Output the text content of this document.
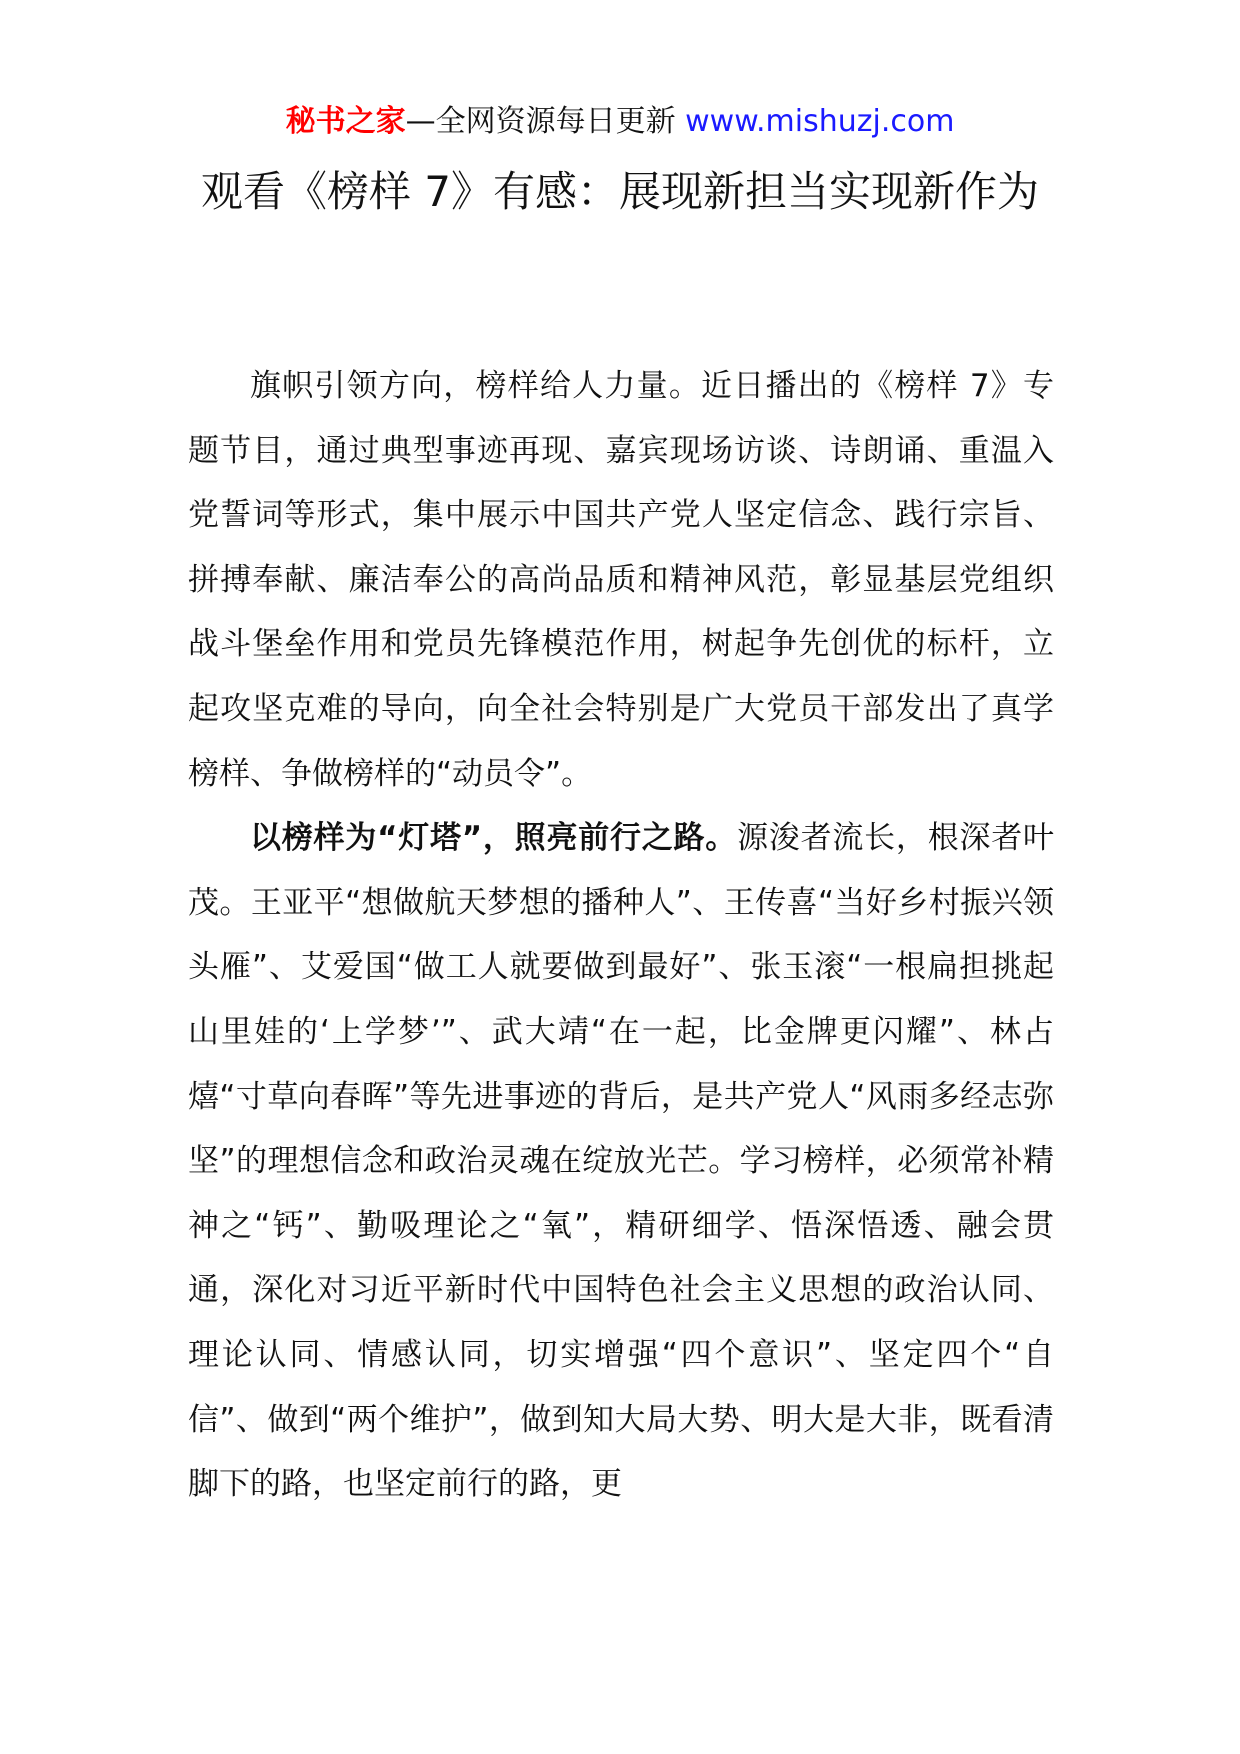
秘书之家—全网资源每日更新 www.mishuzj.com
观看《榜样 7》有感：展现新担当实现新作为

旗帜引领方向，榜样给人力量。近日播出的《榜样 7》专题节目，通过典型事迹再现、嘉宾现场访谈、诗朗诵、重温入党誓词等形式，集中展示中国共产党人坚定信念、践行宗旨、拼搏奉献、廉洁奉公的高尚品质和精神风范，彰显基层党组织战斗堡垒作用和党员先锋模范作用，树起争先创优的标杆，立起攻坚克难的导向，向全社会特别是广大党员干部发出了真学榜样、争做榜样的“动员令”。

以榜样为“灯塔”，照亮前行之路。源浚者流长，根深者叶茂。王亚平“想做航天梦想的播种人”、王传喜“当好乡村振兴领头雁”、艾爱国“做工人就要做到最好”、张玉滚“一根扁担挑起山里娃的‘上学梦’”、武大靖“在一起，比金牌更闪耀”、林占熺“寸草向春晖”等先进事迹的背后，是共产党人“风雨多经志弥坚”的理想信念和政治灵魂在绽放光芒。学习榜样，必须常补精神之“钙”、勤吸理论之“氧”，精研细学、悟深悟透、融会贯通，深化对习近平新时代中国特色社会主义思想的政治认同、理论认同、情感认同，切实增强“四个意识”、坚定四个“自信”、做到“两个维护”，做到知大局大势、明大是大非，既看清脚下的路，也坚定前行的路，更
